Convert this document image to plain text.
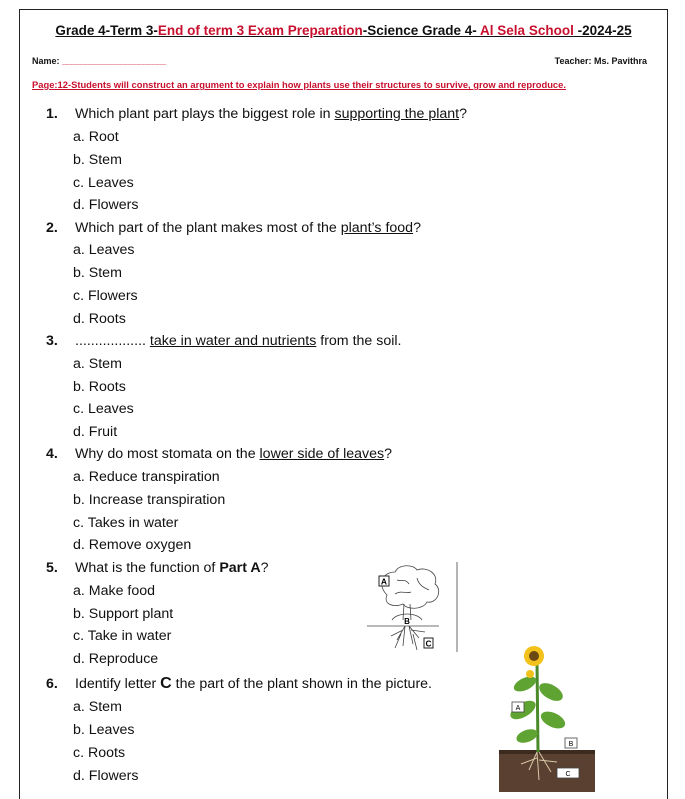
Grade 4-Term 3-End of term 3 Exam Preparation-Science Grade 4- Al Sela School -2024-25
Name: _______________________	Teacher: Ms. Pavithra
Page:12-Students will construct an argument to explain how plants use their structures to survive, grow and reproduce.
1. Which plant part plays the biggest role in supporting the plant?
a. Root
b. Stem
c. Leaves
d. Flowers
2. Which part of the plant makes most of the plant’s food?
a. Leaves
b. Stem
c. Flowers
d. Roots
3. .................. take in water and nutrients from the soil.
a. Stem
b. Roots
c. Leaves
d. Fruit
4. Why do most stomata on the lower side of leaves?
a. Reduce transpiration
b. Increase transpiration
c. Takes in water
d. Remove oxygen
5. What is the function of Part A?
a. Make food
b. Support plant
c. Take in water
d. Reproduce
6. Identify letter C the part of the plant shown in the picture.
a. Stem
b. Leaves
c. Roots
d. Flowers
A
B
C
A
B
C
